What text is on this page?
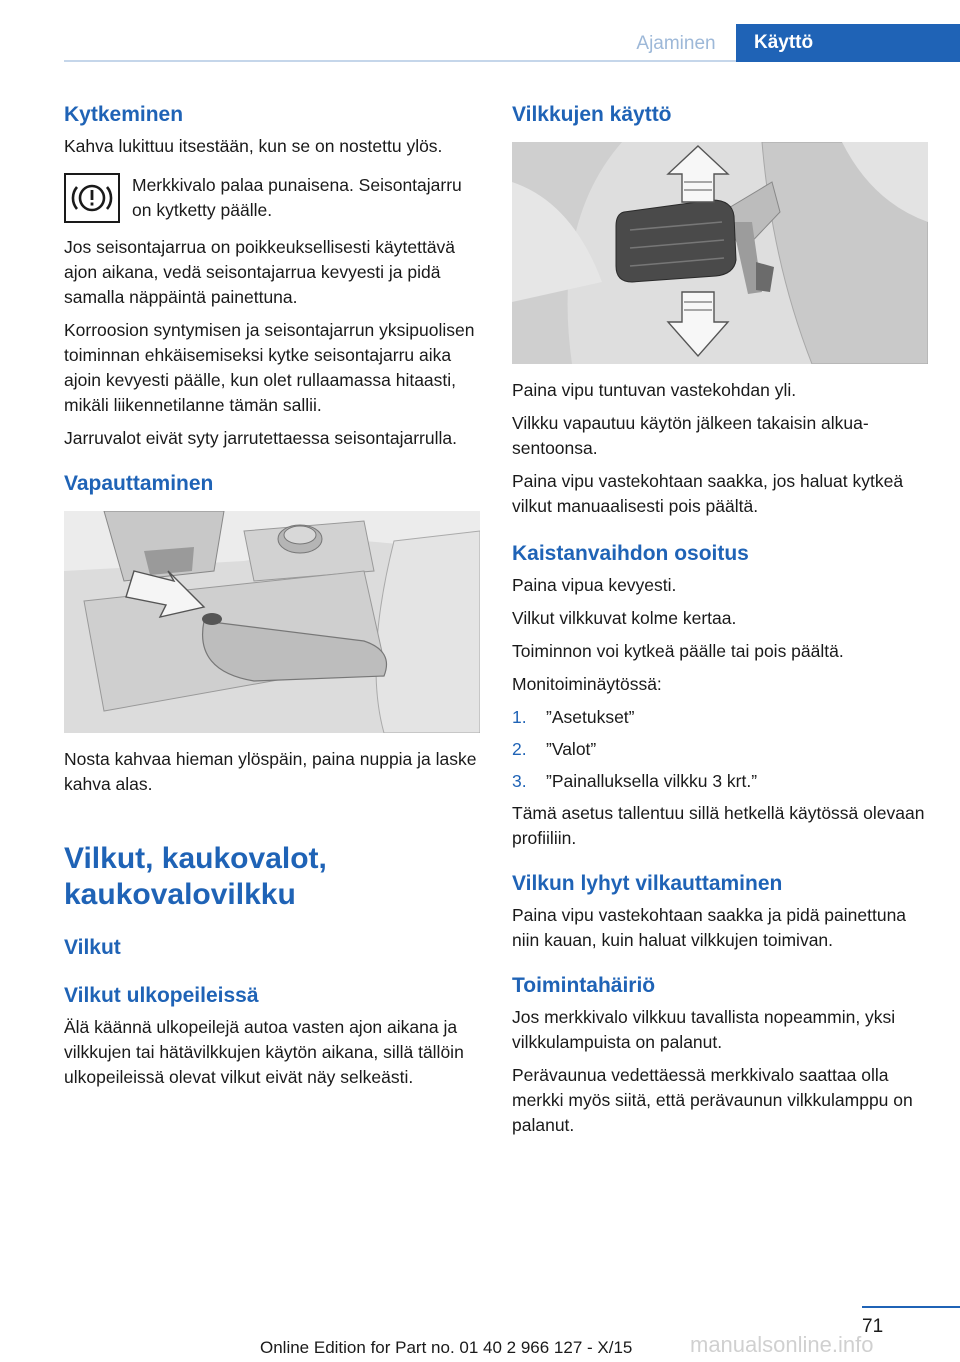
Ajaminen	Käyttö
Kytkeminen

Kahva lukittuu itsestään, kun se on nostettu ylös.

Merkkivalo palaa punaisena. Seisontajarru on kytketty päälle.

Jos seisontajarrua on poikkeuksellisesti käytettävä ajon aikana, vedä seisontajarrua kevyesti ja pidä samalla näppäintä painettuna.

Korroosion syntymisen ja seisontajarrun yksipuolisen toiminnan ehkäisemiseksi kytke seisontajarru aika ajoin kevyesti päälle, kun olet rullaamassa hitaasti, mikäli liikennetilanne tämän sallii.

Jarruvalot eivät syty jarrutettaessa seisontajarrulla.

Vapauttaminen

Nosta kahvaa hieman ylöspäin, paina nuppia ja laske kahva alas.

Vilkut, kaukovalot, kaukovalovilkku
Vilkut
Vilkut ulkopeileissä

Älä käännä ulkopeilejä autoa vasten ajon aikana ja vilkkujen tai hätävilkkujen käytön aikana, sillä tällöin ulkopeileissä olevat vilkut eivät näy selkeästi.

Vilkkujen käyttö

Paina vipu tuntuvan vastekohdan yli.

Vilkku vapautuu käytön jälkeen takaisin alkuasentoonsa.

Paina vipu vastekohtaan saakka, jos haluat kytkeä vilkut manuaalisesti pois päältä.

Kaistanvaihdon osoitus

Paina vipua kevyesti.

Vilkut vilkkuvat kolme kertaa.

Toiminnon voi kytkeä päälle tai pois päältä.

Monitoiminäytössä:

1.	”Asetukset”
2.	”Valot”
3.	”Painalluksella vilkku 3 krt.”

Tämä asetus tallentuu sillä hetkellä käytössä olevaan profiiliin.

Vilkun lyhyt vilkauttaminen

Paina vipu vastekohtaan saakka ja pidä painettuna niin kauan, kuin haluat vilkkujen toimivan.

Toimintahäiriö

Jos merkkivalo vilkkuu tavallista nopeammin, yksi vilkkulampuista on palanut.

Perävaunua vedettäessä merkkivalo saattaa olla merkki myös siitä, että perävaunun vilkkulamppu on palanut.

71
Online Edition for Part no. 01 40 2 966 127 - X/15	manualsonline.info
